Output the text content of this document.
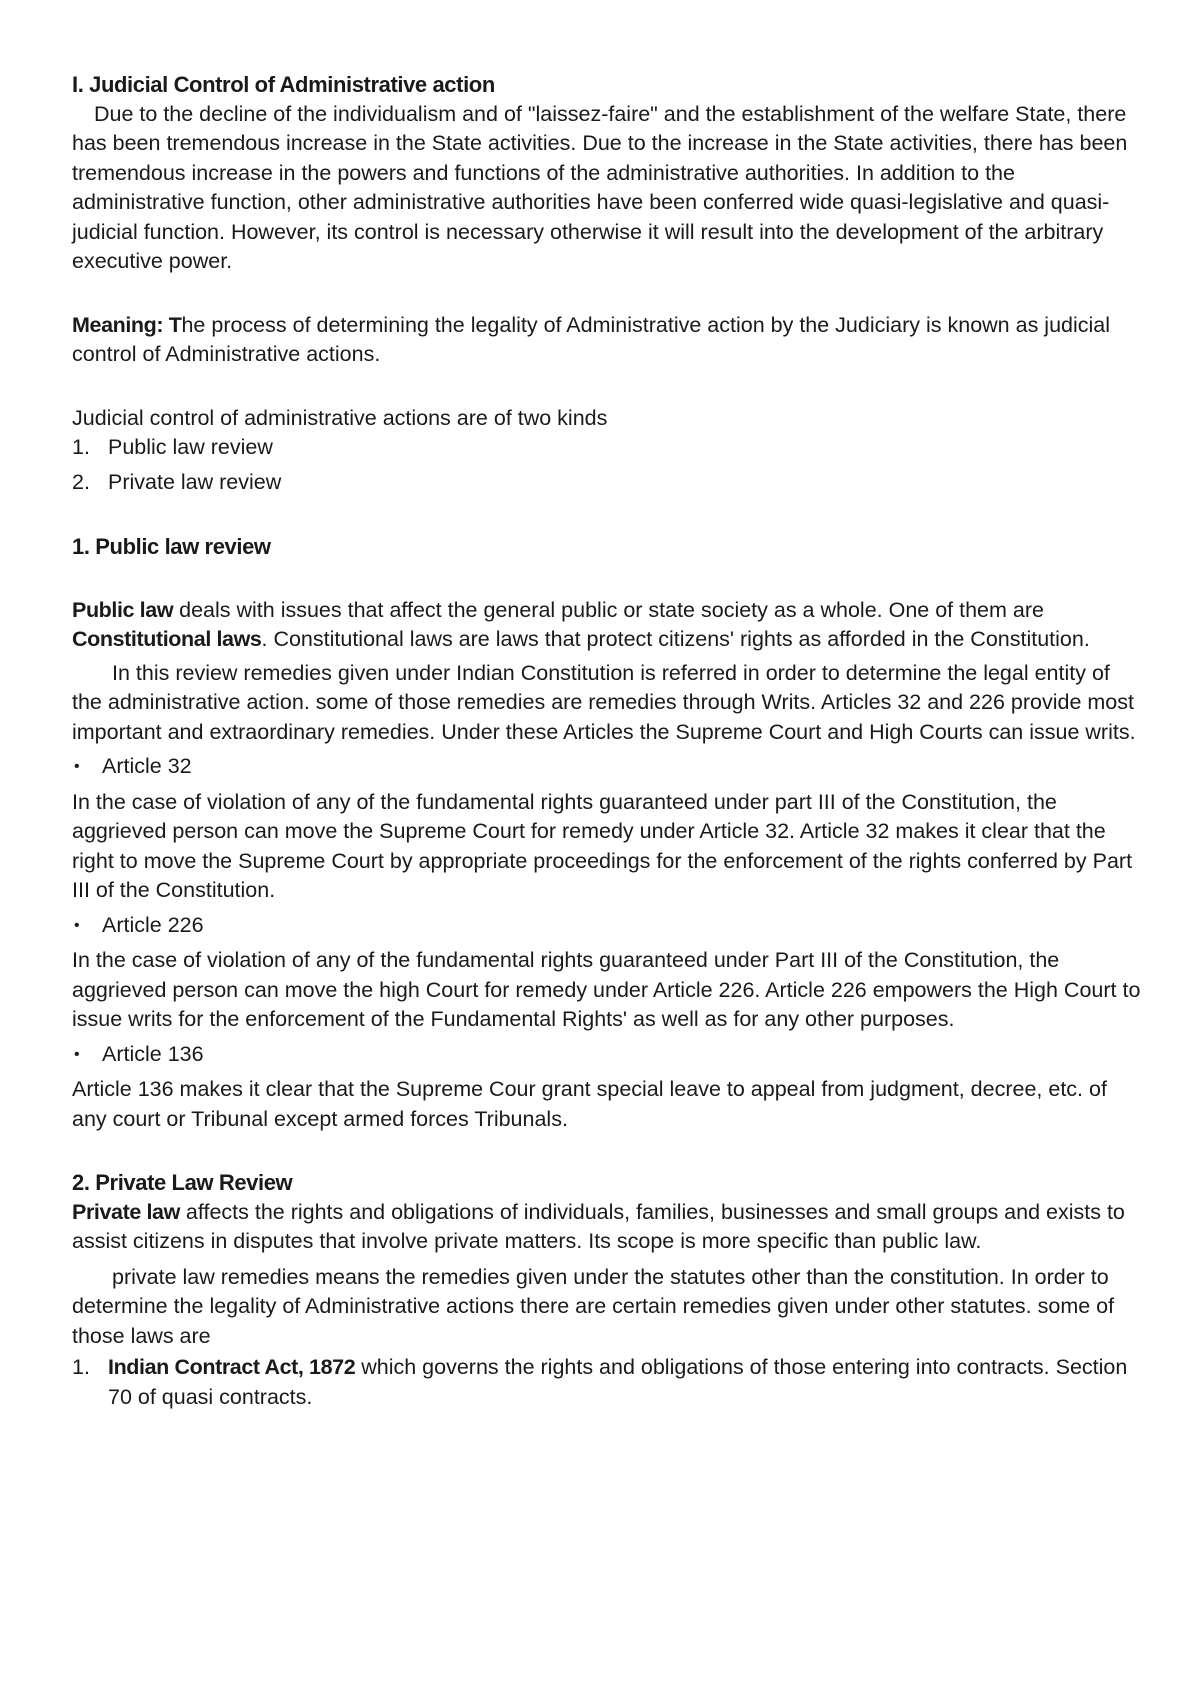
I. Judicial Control of Administrative action

Due to the decline of the individualism and of "laissez-faire" and the establishment of the welfare State, there has been tremendous increase in the State activities. Due to the increase in the State activities, there has been tremendous increase in the powers and functions of the administrative authorities. In addition to the administrative function, other administrative authorities have been conferred wide quasi-legislative and quasi-judicial function. However, its control is necessary otherwise it will result into the development of the arbitrary executive power.

Meaning: The process of determining the legality of Administrative action by the Judiciary is known as judicial control of Administrative actions.

Judicial control of administrative actions are of two kinds

1. Public law review
2. Private law review

1. Public law review

Public law deals with issues that affect the general public or state society as a whole. One of them are Constitutional laws. Constitutional laws are laws that protect citizens' rights as afforded in the Constitution.

In this review remedies given under Indian Constitution is referred in order to determine the legal entity of the administrative action. some of those remedies are remedies through Writs. Articles 32 and 226 provide most important and extraordinary remedies. Under these Articles the Supreme Court and High Courts can issue writs.

• Article 32

In the case of violation of any of the fundamental rights guaranteed under part III of the Constitution, the aggrieved person can move the Supreme Court for remedy under Article 32. Article 32 makes it clear that the right to move the Supreme Court by appropriate proceedings for the enforcement of the rights conferred by Part III of the Constitution.

• Article 226

In the case of violation of any of the fundamental rights guaranteed under Part III of the Constitution, the aggrieved person can move the high Court for remedy under Article 226. Article 226 empowers the High Court to issue writs for the enforcement of the Fundamental Rights' as well as for any other purposes.

• Article 136

Article 136 makes it clear that the Supreme Cour grant special leave to appeal from judgment, decree, etc. of any court or Tribunal except armed forces Tribunals.

2. Private Law Review

Private law affects the rights and obligations of individuals, families, businesses and small groups and exists to assist citizens in disputes that involve private matters. Its scope is more specific than public law.

private law remedies means the remedies given under the statutes other than the constitution. In order to determine the legality of Administrative actions there are certain remedies given under other statutes. some of those laws are

1. Indian Contract Act, 1872 which governs the rights and obligations of those entering into contracts. Section 70 of quasi contracts.
